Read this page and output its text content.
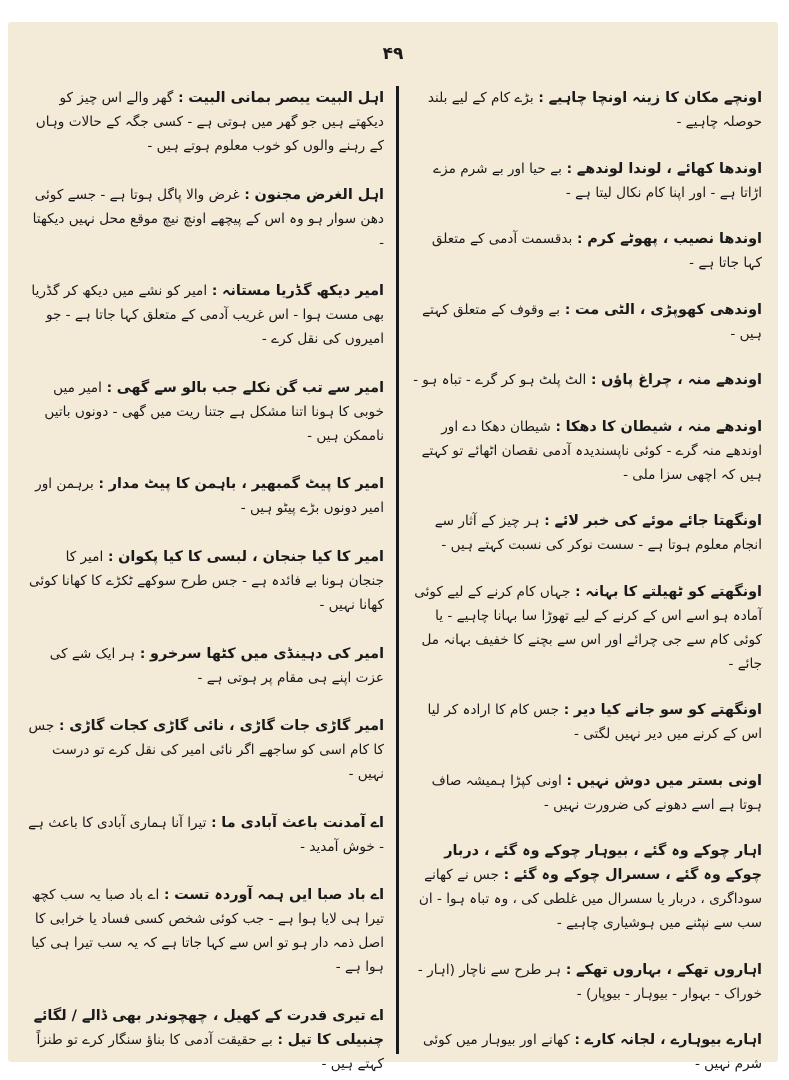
۴۹
اونچے مکان کا زینہ اونچا چاہیے : بڑے کام کے لیے بلند حوصلہ چاہیے -
اوندھا کھائے ، لوندا لوندھے : بے حیا اور بے شرم مزے اڑاتا ہے - اور اپنا کام نکال لیتا ہے -
اوندھا نصیب ، پھوٹے کرم : بدقسمت آدمی کے متعلق کہا جاتا ہے -
اوندھی کھوپڑی ، الٹی مت : بے وقوف کے متعلق کہتے ہیں -
اوندھے منہ ، چراغ پاؤں : الٹ پلٹ ہو کر گرے - تباہ ہو -
اوندھے منہ ، شیطان کا دھکا : شیطان دھکا دے اور اوندھے منہ گرے - کوئی ناپسندیدہ آدمی نقصان اٹھائے تو کہتے ہیں کہ اچھی سزا ملی -
اونگھتا جائے موئے کی خبر لائے : ہر چیز کے آثار سے انجام معلوم ہوتا ہے - سست نوکر کی نسبت کہتے ہیں -
اونگھتے کو ٹھیلتے کا بہانہ : جہاں کام کرنے کے لیے کوئی آمادہ ہو اسے اس کے کرنے کے لیے تھوڑا سا بہانا چاہیے - یا کوئی کام سے جی چرائے اور اس سے بچنے کا خفیف بہانہ مل جائے -
اونگھتے کو سو جانے کیا دیر : جس کام کا ارادہ کر لیا اس کے کرنے میں دیر نہیں لگتی -
اونی بستر میں دوش نہیں : اونی کپڑا ہمیشہ صاف ہوتا ہے اسے دھونے کی ضرورت نہیں -
اہار چوکے وہ گئے ، بیوہار چوکے وہ گئے ، دربار چوکے وہ گئے ، سسرال چوکے وہ گئے : جس نے کھانے سوداگری ، دربار یا سسرال میں غلطی کی ، وہ تباہ ہوا - ان سب سے نپٹنے میں ہوشیاری چاہیے -
اہاروں تھکے ، بہاروں تھکے : ہر طرح سے ناچار (اہار - خوراک - بہوار - بیوہار - بیوپار) -
اہارے بیوہارے ، لجانہ کارے : کھانے اور بیوہار میں کوئی شرم نہیں -
اہل البیت یبصر بمانی البیت : گھر والے اس چیز کو دیکھتے ہیں جو گھر میں ہوتی ہے - کسی جگہ کے حالات وہاں کے رہنے والوں کو خوب معلوم ہوتے ہیں -
اہل الغرض مجنون : غرض والا پاگل ہوتا ہے - جسے کوئی دھن سوار ہو وہ اس کے پیچھے اونچ نیچ موقع محل نہیں دیکھتا -
امیر دیکھ گڈریا مستانہ : امیر کو نشے میں دیکھ کر گڈریا بھی مست ہوا - اس غریب آدمی کے متعلق کہا جاتا ہے - جو امیروں کی نقل کرے -
امیر سے تب گن نکلے جب بالو سے گھی : امیر میں خوبی کا ہونا اتنا مشکل ہے جتنا ریت میں گھی - دونوں باتیں ناممکن ہیں -
امیر کا پیٹ گمبھیر ، باہمن کا پیٹ مدار : برہمن اور امیر دونوں بڑے پیٹو ہیں -
امیر کا کیا جنجان ، لبسی کا کیا پکوان : امیر کا جنجان ہونا بے فائدہ ہے - جس طرح سوکھے ٹکڑے کا کھانا کوئی کھانا نہیں -
امیر کی دہینڈی میں کٹھا سرخرو : ہر ایک شے کی عزت اپنے ہی مقام پر ہوتی ہے -
امیر گاڑی جات گاڑی ، نائی گاڑی کجات گاڑی : جس کا کام اسی کو ساجھے اگر نائی امیر کی نقل کرے تو درست نہیں -
اے آمدنت باعث آبادی ما : تیرا آنا ہماری آبادی کا باعث ہے - خوش آمدید -
اے باد صبا ایں ہمہ آوردہ تست : اے باد صبا یہ سب کچھ تیرا ہی لایا ہوا ہے - جب کوئی شخص کسی فساد یا خرابی کا اصل ذمہ دار ہو تو اس سے کہا جاتا ہے کہ یہ سب تیرا ہی کیا ہوا ہے -
اے تیری قدرت کے کھیل ، چھچوندر بھی ڈالے / لگائے چنبیلی کا تیل : بے حقیقت آدمی کا بناؤ سنگار کرے تو طنزاً کہتے ہیں -
